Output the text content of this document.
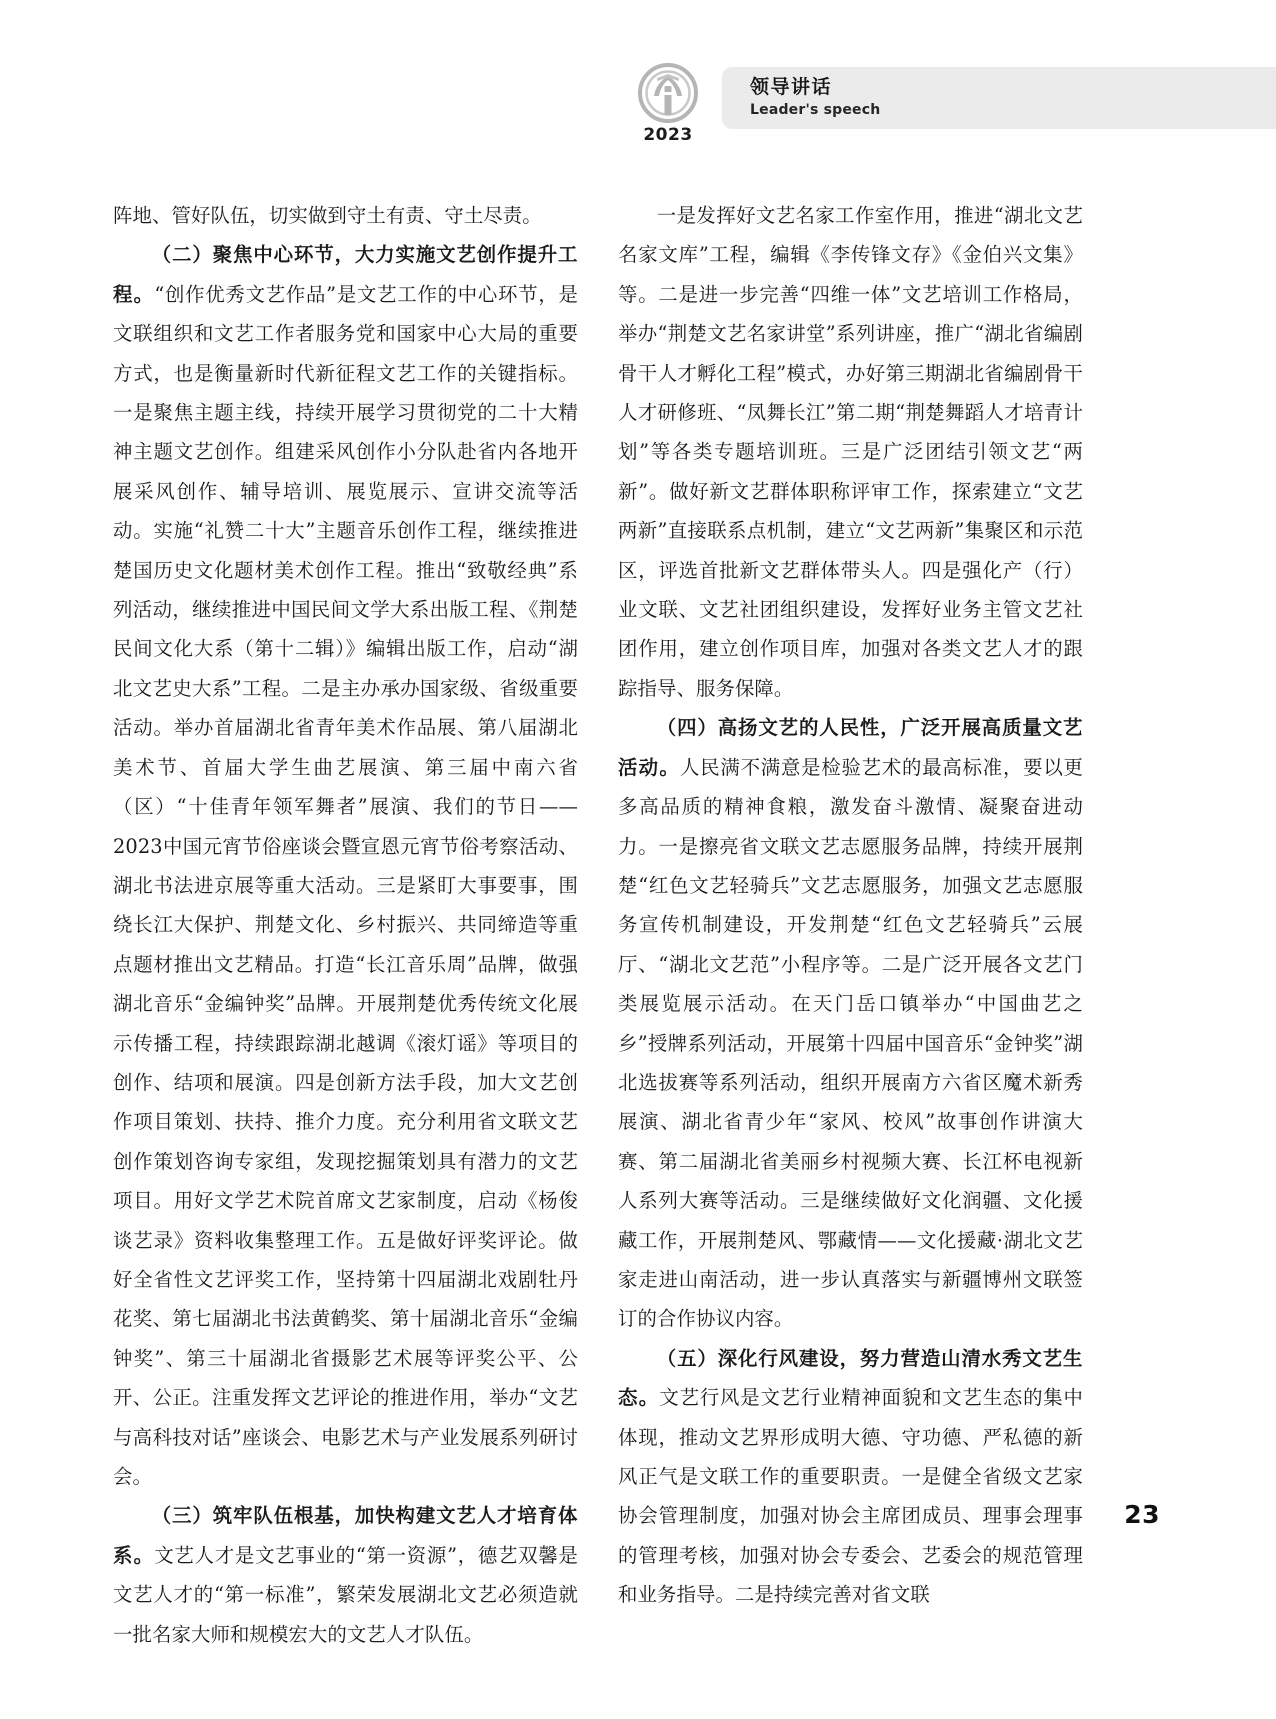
2023
领导讲话
Leader's speech

阵地、管好队伍，切实做到守土有责、守土尽责。

（二）聚焦中心环节，大力实施文艺创作提升工程。“创作优秀文艺作品”是文艺工作的中心环节，是文联组织和文艺工作者服务党和国家中心大局的重要方式，也是衡量新时代新征程文艺工作的关键指标。一是聚焦主题主线，持续开展学习贯彻党的二十大精神主题文艺创作。组建采风创作小分队赴省内各地开展采风创作、辅导培训、展览展示、宣讲交流等活动。实施“礼赞二十大”主题音乐创作工程，继续推进楚国历史文化题材美术创作工程。推出“致敬经典”系列活动，继续推进中国民间文学大系出版工程、《荆楚民间文化大系（第十二辑）》编辑出版工作，启动“湖北文艺史大系”工程。二是主办承办国家级、省级重要活动。举办首届湖北省青年美术作品展、第八届湖北美术节、首届大学生曲艺展演、第三届中南六省（区）“十佳青年领军舞者”展演、我们的节日——2023中国元宵节俗座谈会暨宣恩元宵节俗考察活动、湖北书法进京展等重大活动。三是紧盯大事要事，围绕长江大保护、荆楚文化、乡村振兴、共同缔造等重点题材推出文艺精品。打造“长江音乐周”品牌，做强湖北音乐“金编钟奖”品牌。开展荆楚优秀传统文化展示传播工程，持续跟踪湖北越调《滚灯谣》等项目的创作、结项和展演。四是创新方法手段，加大文艺创作项目策划、扶持、推介力度。充分利用省文联文艺创作策划咨询专家组，发现挖掘策划具有潜力的文艺项目。用好文学艺术院首席文艺家制度，启动《杨俊谈艺录》资料收集整理工作。五是做好评奖评论。做好全省性文艺评奖工作，坚持第十四届湖北戏剧牡丹花奖、第七届湖北书法黄鹤奖、第十届湖北音乐“金编钟奖”、第三十届湖北省摄影艺术展等评奖公平、公开、公正。注重发挥文艺评论的推进作用，举办“文艺与高科技对话”座谈会、电影艺术与产业发展系列研讨会。

（三）筑牢队伍根基，加快构建文艺人才培育体系。文艺人才是文艺事业的“第一资源”，德艺双馨是文艺人才的“第一标准”，繁荣发展湖北文艺必须造就一批名家大师和规模宏大的文艺人才队伍。

一是发挥好文艺名家工作室作用，推进“湖北文艺名家文库”工程，编辑《李传锋文存》《金伯兴文集》等。二是进一步完善“四维一体”文艺培训工作格局，举办“荆楚文艺名家讲堂”系列讲座，推广“湖北省编剧骨干人才孵化工程”模式，办好第三期湖北省编剧骨干人才研修班、“凤舞长江”第二期“荆楚舞蹈人才培青计划”等各类专题培训班。三是广泛团结引领文艺“两新”。做好新文艺群体职称评审工作，探索建立“文艺两新”直接联系点机制，建立“文艺两新”集聚区和示范区，评选首批新文艺群体带头人。四是强化产（行）业文联、文艺社团组织建设，发挥好业务主管文艺社团作用，建立创作项目库，加强对各类文艺人才的跟踪指导、服务保障。

（四）高扬文艺的人民性，广泛开展高质量文艺活动。人民满不满意是检验艺术的最高标准，要以更多高品质的精神食粮，激发奋斗激情、凝聚奋进动力。一是擦亮省文联文艺志愿服务品牌，持续开展荆楚“红色文艺轻骑兵”文艺志愿服务，加强文艺志愿服务宣传机制建设，开发荆楚“红色文艺轻骑兵”云展厅、“湖北文艺范”小程序等。二是广泛开展各文艺门类展览展示活动。在天门岳口镇举办“中国曲艺之乡”授牌系列活动，开展第十四届中国音乐“金钟奖”湖北选拔赛等系列活动，组织开展南方六省区魔术新秀展演、湖北省青少年“家风、校风”故事创作讲演大赛、第二届湖北省美丽乡村视频大赛、长江杯电视新人系列大赛等活动。三是继续做好文化润疆、文化援藏工作，开展荆楚风、鄂藏情——文化援藏·湖北文艺家走进山南活动，进一步认真落实与新疆博州文联签订的合作协议内容。

（五）深化行风建设，努力营造山清水秀文艺生态。文艺行风是文艺行业精神面貌和文艺生态的集中体现，推动文艺界形成明大德、守功德、严私德的新风正气是文联工作的重要职责。一是健全省级文艺家协会管理制度，加强对协会主席团成员、理事会理事的管理考核，加强对协会专委会、艺委会的规范管理和业务指导。二是持续完善对省文联

23
